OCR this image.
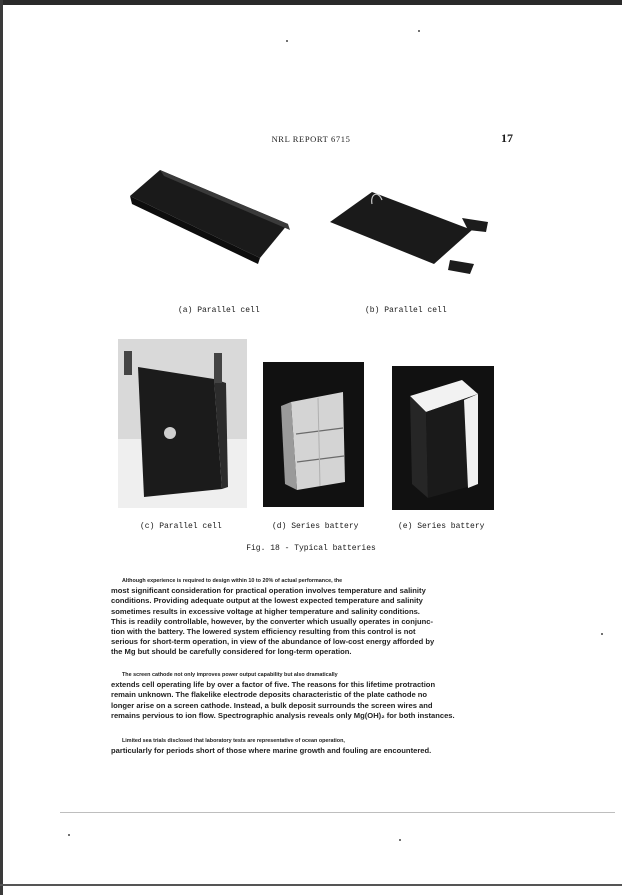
NRL REPORT 6715	17
(a) Parallel cell	(b) Parallel cell
(c) Parallel cell	(d) Series battery	(e) Series battery
Fig. 18 - Typical batteries
Although experience is required to design within 10 to 20% of actual performance, the
most significant consideration for practical operation involves temperature and salinity
conditions. Providing adequate output at the lowest expected temperature and salinity
sometimes results in excessive voltage at higher temperature and salinity conditions.
This is readily controllable, however, by the converter which usually operates in conjunc-
tion with the battery. The lowered system efficiency resulting from this control is not
serious for short-term operation, in view of the abundance of low-cost energy afforded by
the Mg but should be carefully considered for long-term operation.
The screen cathode not only improves power output capability but also dramatically
extends cell operating life by over a factor of five. The reasons for this lifetime protraction
remain unknown. The flakelike electrode deposits characteristic of the plate cathode no
longer arise on a screen cathode. Instead, a bulk deposit surrounds the screen wires and
remains pervious to ion flow. Spectrographic analysis reveals only Mg(OH)₂ for both instances.
Limited sea trials disclosed that laboratory tests are representative of ocean operation,
particularly for periods short of those where marine growth and fouling are encountered.
